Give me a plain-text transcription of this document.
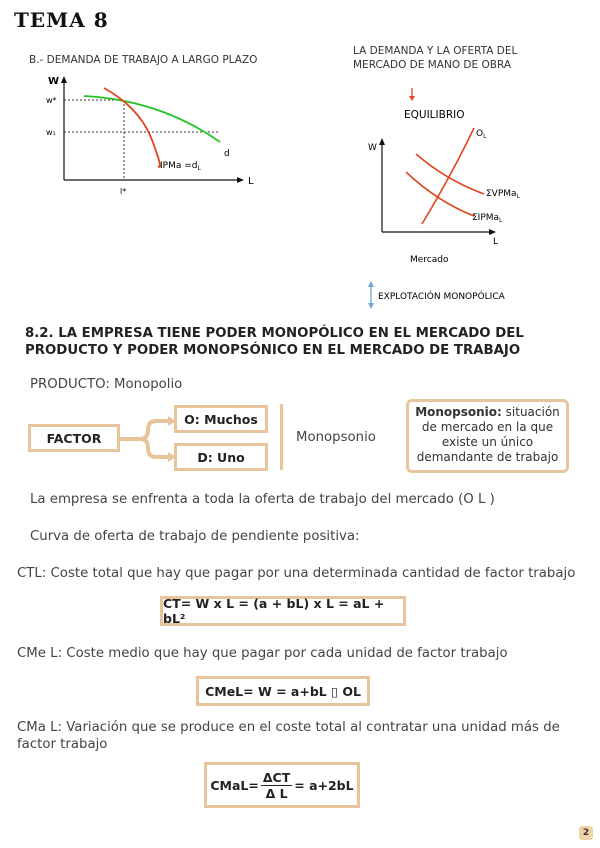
TEMA 8
B.- DEMANDA DE TRABAJO A LARGO PLAZO
W
L
w*
w₁
l*
d
IPMa $=d_L$
LA DEMANDA Y LA OFERTA DEL
MERCADO DE MANO DE OBRA
EQUILIBRIO
W
L
$O_L$
ΣVPMa$_L$
ΣIPMa$_L$
Mercado
EXPLOTACIÓN MONOPÓLICA
8.2. LA EMPRESA TIENE PODER MONOPÓLICO EN EL MERCADO DEL
PRODUCTO Y PODER MONOPSÓNICO EN EL MERCADO DE TRABAJO
PRODUCTO: Monopolio
FACTOR
O: Muchos
D: Uno
Monopsonio
Monopsonio: situación
de mercado en la que
existe un único
demandante de trabajo
La empresa se enfrenta a toda la oferta de trabajo del mercado (O L )
Curva de oferta de trabajo de pendiente positiva:
CTL: Coste total que hay que pagar por una determinada cantidad de factor trabajo
CT= W x L = (a + bL) x L = aL + bL²
CMe L: Coste medio que hay que pagar por cada unidad de factor trabajo
CMeL= W = a+bL ▯ OL
CMa L: Variación que se produce en el coste total al contratar una unidad más de
factor trabajo
CMaL=
ΔCT
Δ L
= a+2bL
2
